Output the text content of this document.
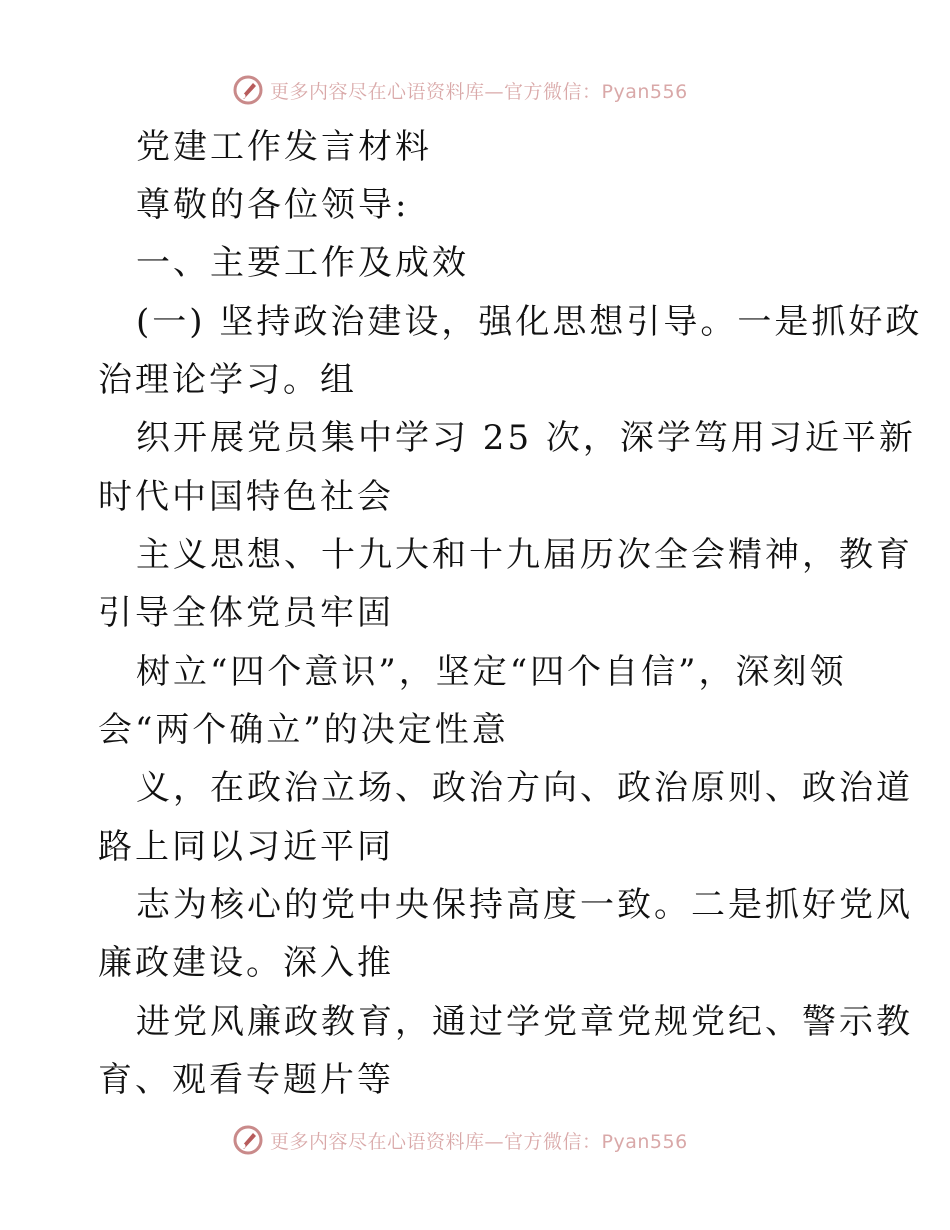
更多内容尽在心语资料库—官方微信：Pyan556
党建工作发言材料
尊敬的各位领导:
一、主要工作及成效
(一) 坚持政治建设，强化思想引导。一是抓好政
治理论学习。组
织开展党员集中学习 25 次，深学笃用习近平新
时代中国特色社会
主义思想、十九大和十九届历次全会精神，教育
引导全体党员牢固
树立“四个意识”，坚定“四个自信”，深刻领
会“两个确立”的决定性意
义，在政治立场、政治方向、政治原则、政治道
路上同以习近平同
志为核心的党中央保持高度一致。二是抓好党风
廉政建设。深入推
进党风廉政教育，通过学党章党规党纪、警示教
育、观看专题片等
更多内容尽在心语资料库—官方微信：Pyan556
